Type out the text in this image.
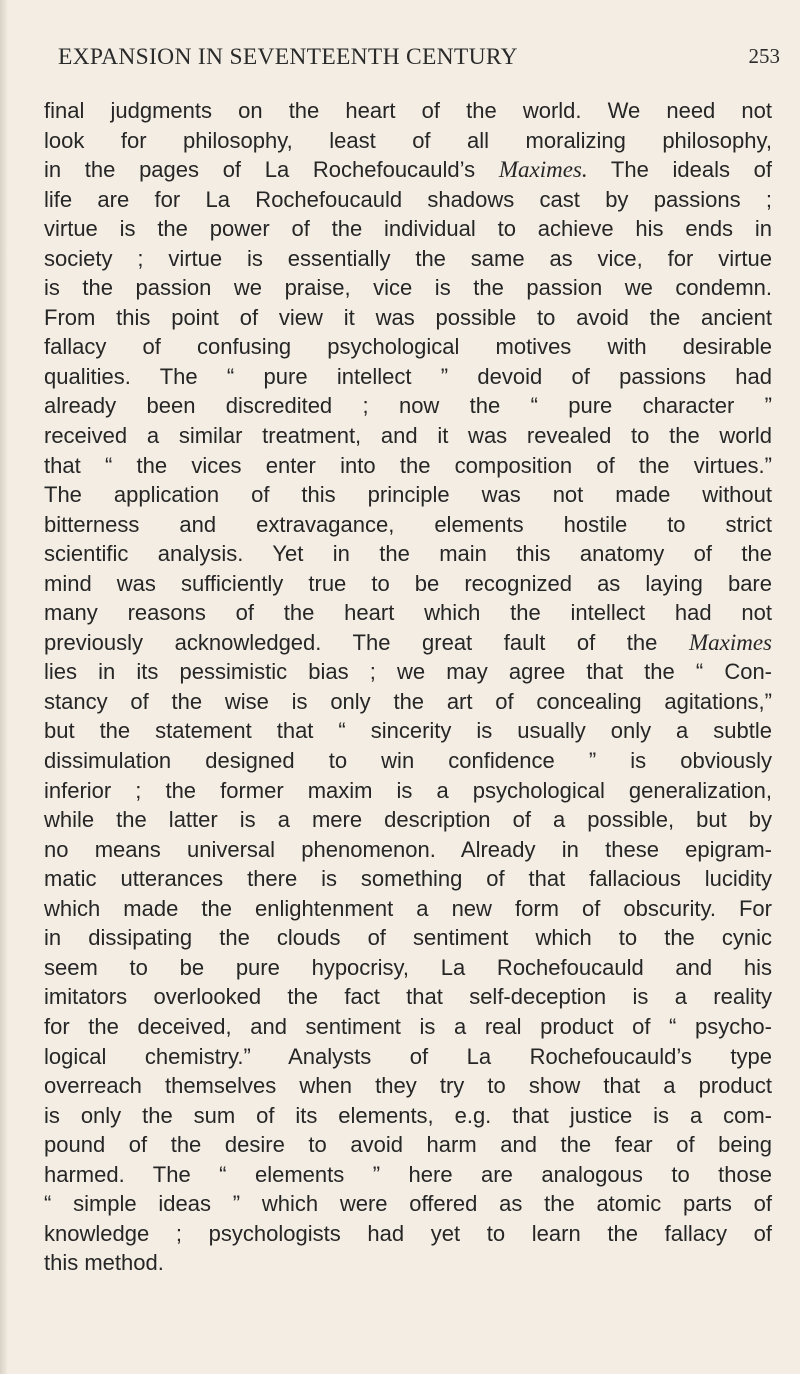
EXPANSION IN SEVENTEENTH CENTURY	253
final judgments on the heart of the world. We need not
look for philosophy, least of all moralizing philosophy,
in the pages of La Rochefoucauld’s Maximes. The ideals of
life are for La Rochefoucauld shadows cast by passions ;
virtue is the power of the individual to achieve his ends in
society ; virtue is essentially the same as vice, for virtue
is the passion we praise, vice is the passion we condemn.
From this point of view it was possible to avoid the ancient
fallacy of confusing psychological motives with desirable
qualities. The “ pure intellect ” devoid of passions had
already been discredited ; now the “ pure character ”
received a similar treatment, and it was revealed to the world
that “ the vices enter into the composition of the virtues.”
The application of this principle was not made without
bitterness and extravagance, elements hostile to strict
scientific analysis. Yet in the main this anatomy of the
mind was sufficiently true to be recognized as laying bare
many reasons of the heart which the intellect had not
previously acknowledged. The great fault of the Maximes
lies in its pessimistic bias ; we may agree that the “ Con-
stancy of the wise is only the art of concealing agitations,”
but the statement that “ sincerity is usually only a subtle
dissimulation designed to win confidence ” is obviously
inferior ; the former maxim is a psychological generalization,
while the latter is a mere description of a possible, but by
no means universal phenomenon. Already in these epigram-
matic utterances there is something of that fallacious lucidity
which made the enlightenment a new form of obscurity. For
in dissipating the clouds of sentiment which to the cynic
seem to be pure hypocrisy, La Rochefoucauld and his
imitators overlooked the fact that self-deception is a reality
for the deceived, and sentiment is a real product of “ psycho-
logical chemistry.” Analysts of La Rochefoucauld’s type
overreach themselves when they try to show that a product
is only the sum of its elements, e.g. that justice is a com-
pound of the desire to avoid harm and the fear of being
harmed. The “ elements ” here are analogous to those
“ simple ideas ” which were offered as the atomic parts of
knowledge ; psychologists had yet to learn the fallacy of
this method.
